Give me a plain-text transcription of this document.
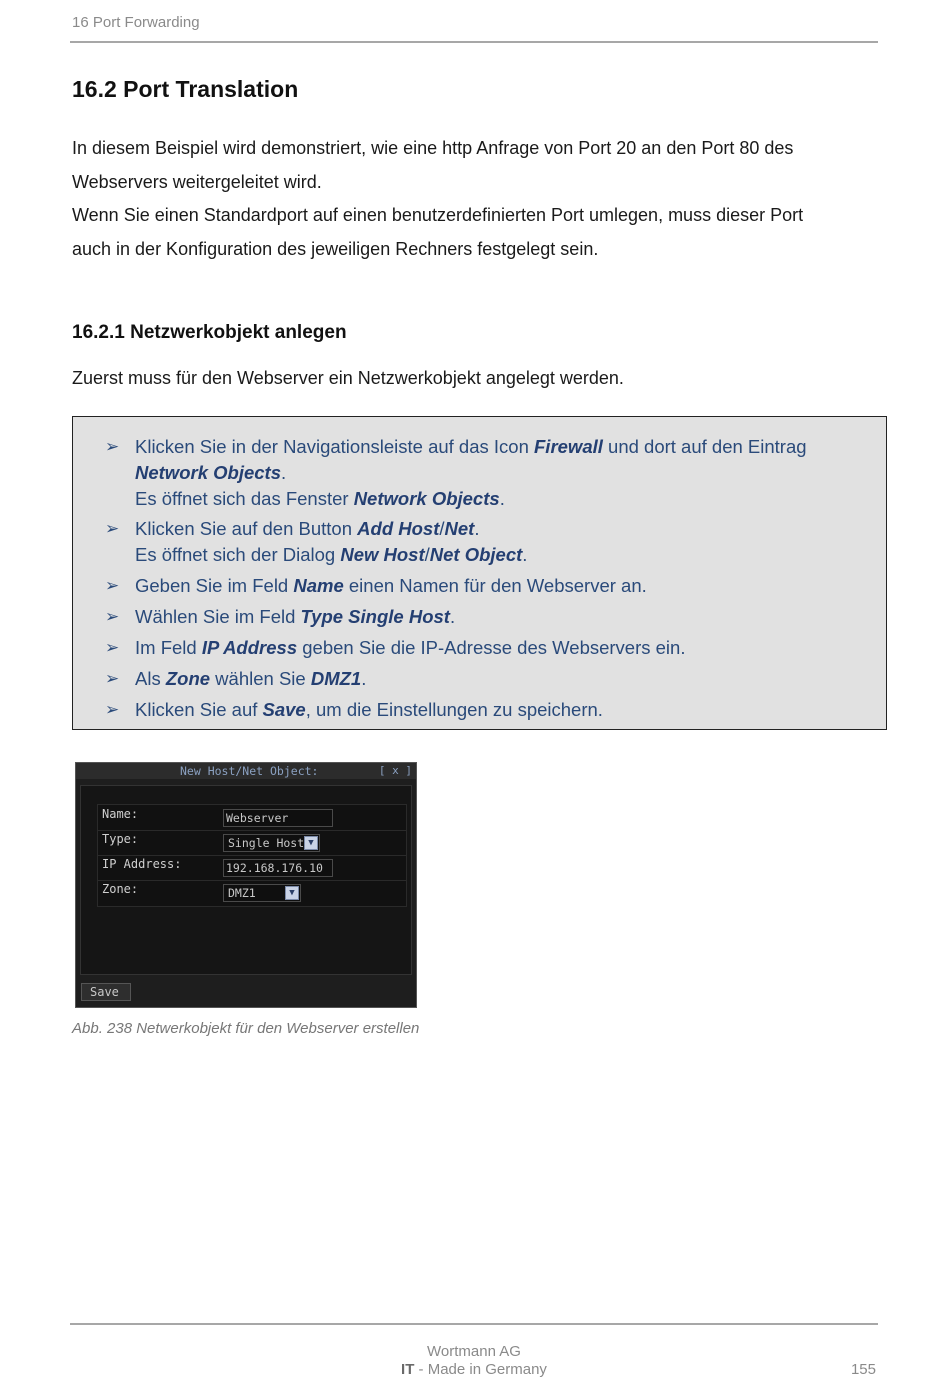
16 Port Forwarding
16.2 Port Translation
In diesem Beispiel wird demonstriert, wie eine http Anfrage von Port 20 an den Port 80 des
Webservers weitergeleitet wird.
Wenn Sie einen Standardport auf einen benutzerdefinierten Port umlegen, muss dieser Port
auch in der Konfiguration des jeweiligen Rechners festgelegt sein.
16.2.1 Netzwerkobjekt anlegen
Zuerst muss für den Webserver ein Netzwerkobjekt angelegt werden.
➢ Klicken Sie in der Navigationsleiste auf das Icon Firewall und dort auf den Eintrag
Network Objects.
Es öffnet sich das Fenster Network Objects.
➢ Klicken Sie auf den Button Add Host/Net.
Es öffnet sich der Dialog New Host/Net Object.
➢ Geben Sie im Feld Name einen Namen für den Webserver an.
➢ Wählen Sie im Feld Type Single Host.
➢ Im Feld IP Address geben Sie die IP-Adresse des Webservers ein.
➢ Als Zone wählen Sie DMZ1.
➢ Klicken Sie auf Save, um die Einstellungen zu speichern.
New Host/Net Object:	[ x ]
Name:	Webserver
Type:	Single Host ▼
IP Address:	192.168.176.10
Zone:	DMZ1	▼
Save
Abb. 238 Netwerkobjekt für den Webserver erstellen
Wortmann AG
IT - Made in Germany	155
